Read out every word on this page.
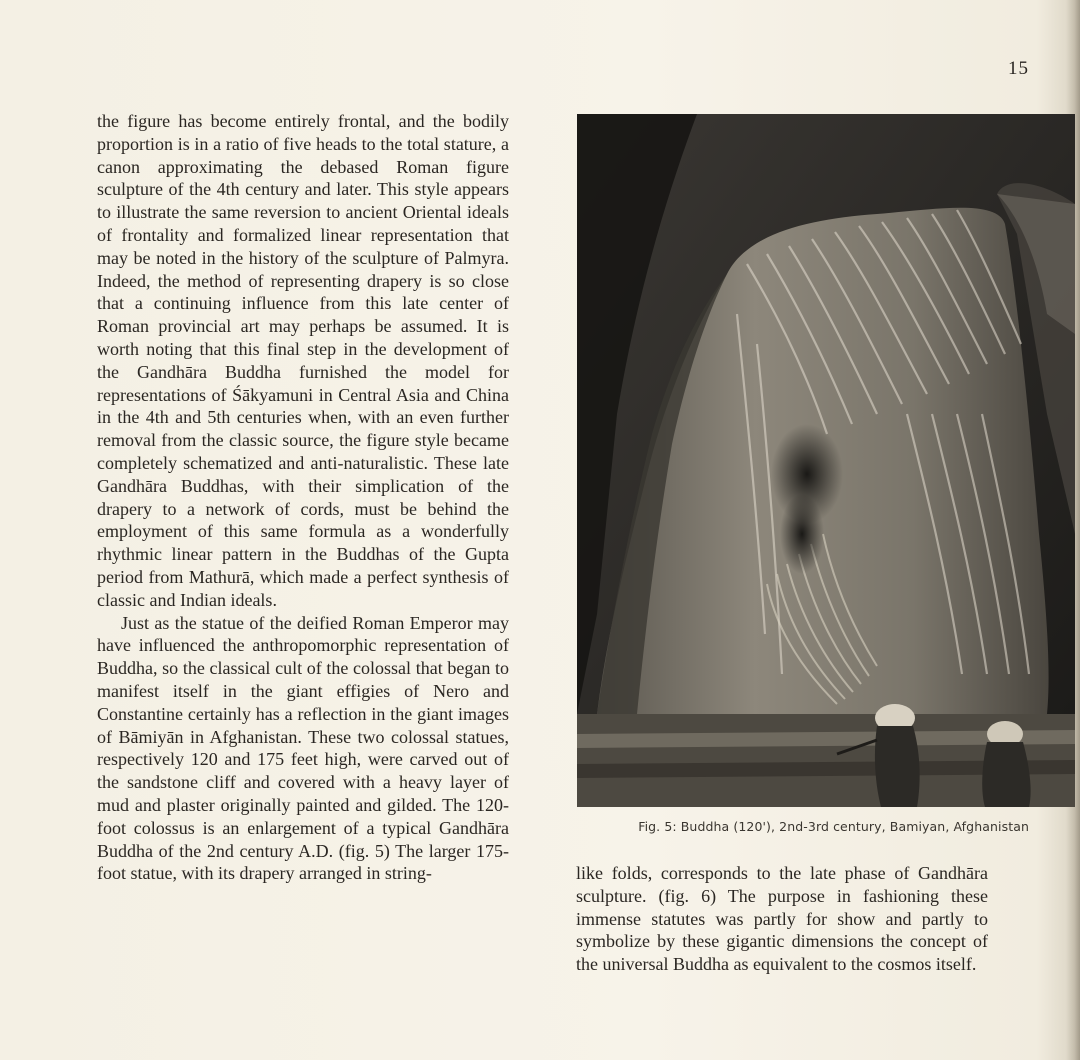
15

the figure has become entirely frontal, and the bodily proportion is in a ratio of five heads to the total stature, a canon approximating the debased Roman figure sculpture of the 4th century and later. This style appears to illustrate the same reversion to ancient Oriental ideals of frontality and formalized linear representation that may be noted in the history of the sculpture of Palmyra. Indeed, the method of representing drapery is so close that a continuing influence from this late center of Roman provincial art may perhaps be assumed. It is worth noting that this final step in the development of the Gandhāra Buddha furnished the model for representations of Śākyamuni in Central Asia and China in the 4th and 5th centuries when, with an even further removal from the classic source, the figure style became completely schematized and anti-naturalistic. These late Gandhāra Buddhas, with their simplication of the drapery to a network of cords, must be behind the employment of this same formula as a wonderfully rhythmic linear pattern in the Buddhas of the Gupta period from Mathurā, which made a perfect synthesis of classic and Indian ideals.

Just as the statue of the deified Roman Emperor may have influenced the anthropomorphic representation of Buddha, so the classical cult of the colossal that began to manifest itself in the giant effigies of Nero and Constantine certainly has a reflection in the giant images of Bāmiyān in Afghanistan. These two colossal statues, respectively 120 and 175 feet high, were carved out of the sandstone cliff and covered with a heavy layer of mud and plaster originally painted and gilded. The 120-foot colossus is an enlargement of a typical Gandhāra Buddha of the 2nd century A.D. (fig. 5) The larger 175-foot statue, with its drapery arranged in string-

Fig. 5: Buddha (120'), 2nd-3rd century, Bamiyan, Afghanistan

like folds, corresponds to the late phase of Gandhāra sculpture. (fig. 6) The purpose in fashioning these immense statutes was partly for show and partly to symbolize by these gigantic dimensions the concept of the universal Buddha as equivalent to the cosmos itself.
